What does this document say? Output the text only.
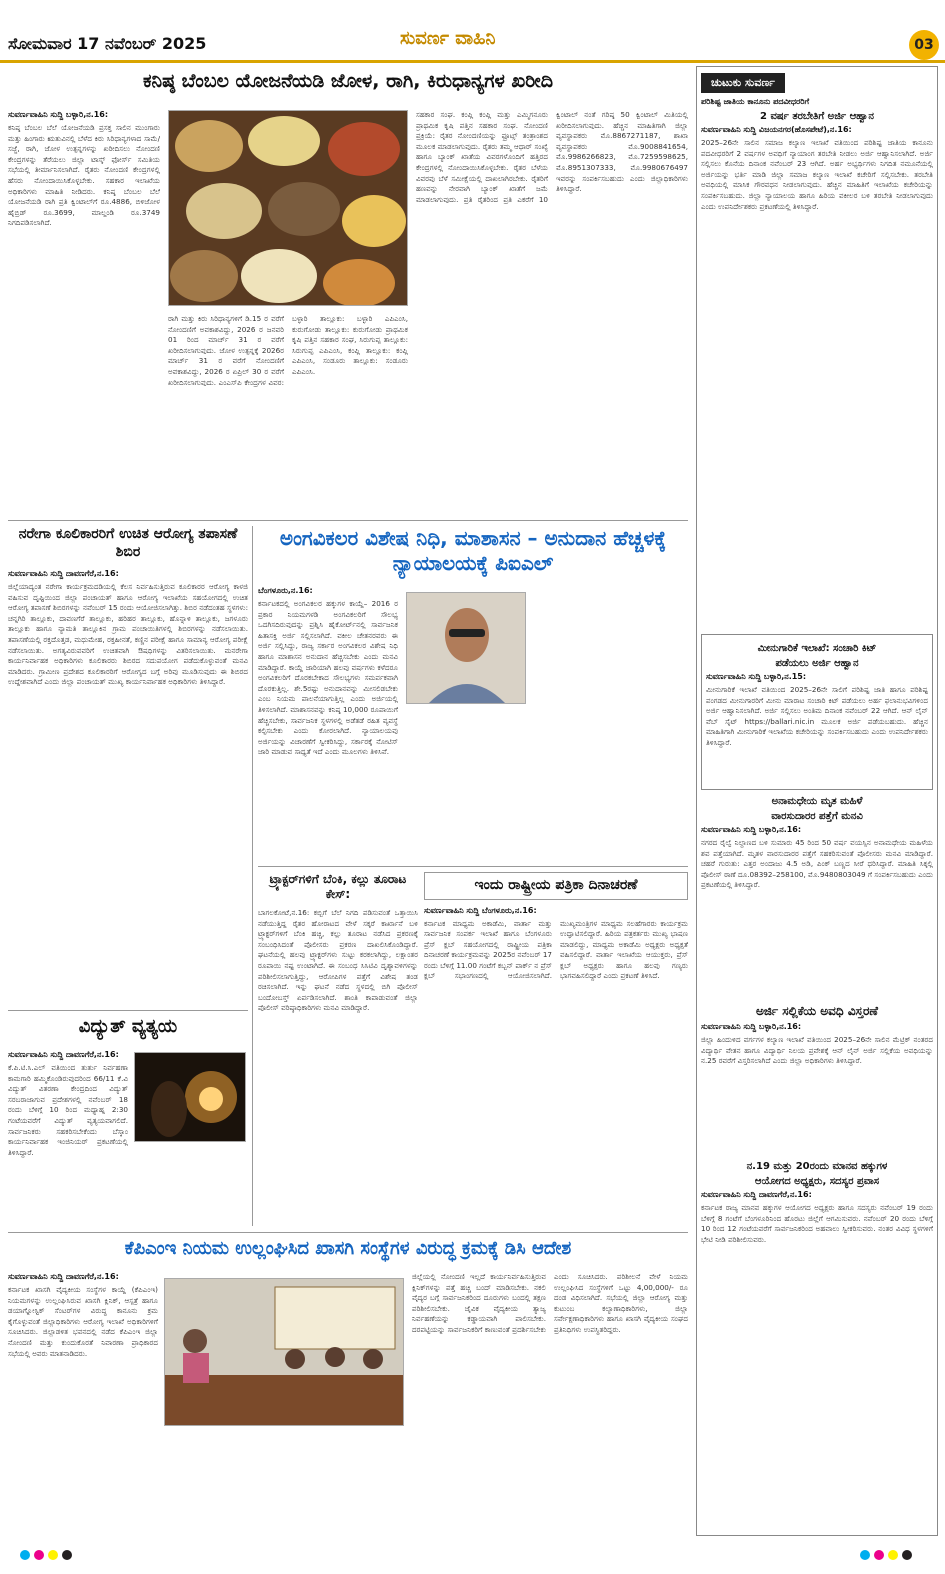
ಸೋಮವಾರ 17 ನವೆಂಬರ್ 2025	ಸುವರ್ಣ ವಾಹಿನಿ	03
ಕನಿಷ್ಠ ಬೆಂಬಲ ಯೋಜನೆಯಡಿ ಜೋಳ, ರಾಗಿ, ಕಿರುಧಾನ್ಯಗಳ ಖರೀದಿ
ಸುವರ್ಣವಾಹಿನಿ ಸುದ್ದಿ ಬಳ್ಳಾರಿ,ನ.16:
ಕನಿಷ್ಠ ಬೆಂಬಲ ಬೆಲೆ ಯೋಜನೆಯಡಿ ಪ್ರಸಕ್ತ ಸಾಲಿನ ಮುಂಗಾರು ಮತ್ತು ಹಿಂಗಾರು ಋತುವಿನಲ್ಲಿ ಬೆಳೆದ ಕಿರು ಸಿರಿಧಾನ್ಯಗಳಾದ ಸಾಮೆ/ಸಜ್ಜೆ, ರಾಗಿ, ಜೋಳ ಉತ್ಪನ್ನಗಳನ್ನು ಖರೀದಿಸಲು ನೋಂದಣಿ ಕೇಂದ್ರಗಳನ್ನು ತೆರೆಯಲು ಜಿಲ್ಲಾ ಟಾಸ್ಕ್ ಫೋರ್ಸ್ ಸಮಿತಿಯ ಸಭೆಯಲ್ಲಿ ತೀರ್ಮಾನಿಸಲಾಗಿದೆ. ರೈತರು ನೋಂದಣಿ ಕೇಂದ್ರಗಳಲ್ಲಿ ಹೆಸರು ನೋಂದಾಯಿಸಿಕೊಳ್ಳಬೇಕು. ಸಹಕಾರ ಇಲಾಖೆಯ ಅಧಿಕಾರಿಗಳು ಮಾಹಿತಿ ನೀಡಿದರು. ಕನಿಷ್ಠ ಬೆಂಬಲ ಬೆಲೆ ಯೋಜನೆಯಡಿ ರಾಗಿ ಪ್ರತಿ ಕ್ವಿಂಟಾಲ್‌ಗೆ ರೂ.4886, ಬಿಳಿಜೋಳ ಹೈಬ್ರಿಡ್ ರೂ.3699, ಮಾಲ್ದಂಡಿ ರೂ.3749 ನಿಗದಿಪಡಿಸಲಾಗಿದೆ.
ರಾಗಿ ಮತ್ತು ಕಿರು ಸಿರಿಧಾನ್ಯಗಳಿಗೆ ಡಿ.15 ರ ವರೆಗೆ ನೋಂದಣಿಗೆ ಅವಕಾಶವಿದ್ದು, 2026 ರ ಜನವರಿ 01 ರಿಂದ ಮಾರ್ಚ್ 31 ರ ವರೆಗೆ ಖರೀದಿಸಲಾಗುವುದು. ಜೋಳ ಉತ್ಪನ್ನಕ್ಕೆ 2026ರ ಮಾರ್ಚ್ 31 ರ ವರೆಗೆ ನೋಂದಣಿಗೆ ಅವಕಾಶವಿದ್ದು, 2026 ರ ಏಪ್ರಿಲ್ 30 ರ ವರೆಗೆ ಖರೀದಿಸಲಾಗುವುದು. ಎಂಎಸ್‌ಪಿ ಕೇಂದ್ರಗಳ ವಿವರ: ಬಳ್ಳಾರಿ ತಾಲ್ಲೂಕು: ಬಳ್ಳಾರಿ ಎಪಿಎಂಸಿ, ಕುರುಗೋಡು ತಾಲ್ಲೂಕು: ಕುರುಗೋಡು ಪ್ರಾಥಮಿಕ ಕೃಷಿ ಪತ್ತಿನ ಸಹಕಾರ ಸಂಘ, ಸಿರುಗುಪ್ಪ ತಾಲ್ಲೂಕು: ಸಿರುಗುಪ್ಪ ಎಪಿಎಂಸಿ, ಕಂಪ್ಲಿ ತಾಲ್ಲೂಕು: ಕಂಪ್ಲಿ ಎಪಿಎಂಸಿ, ಸಂಡೂರು ತಾಲ್ಲೂಕು: ಸಂಡೂರು ಎಪಿಎಂಸಿ.
ಸಹಕಾರ ಸಂಘ. ಕಂಪ್ಲಿ ಕಂಪ್ಲಿ ಮತ್ತು ಎಮ್ಮಿಗನೂರು ಪ್ರಾಥಮಿಕ ಕೃಷಿ ಪತ್ತಿನ ಸಹಕಾರ ಸಂಘ. ನೋಂದಣಿ ಪ್ರಕ್ರಿಯೆ: ರೈತರ ನೋಂದಣಿಯನ್ನು ಫ್ರೂಟ್ಸ್ ತಂತ್ರಾಂಶದ ಮೂಲಕ ಮಾಡಲಾಗುವುದು. ರೈತರು ತಮ್ಮ ಆಧಾರ್ ಸಂಖ್ಯೆ ಹಾಗೂ ಬ್ಯಾಂಕ್ ಖಾತೆಯ ವಿವರಗಳೊಂದಿಗೆ ಹತ್ತಿರದ ಕೇಂದ್ರಗಳಲ್ಲಿ ನೋಂದಾಯಿಸಿಕೊಳ್ಳಬೇಕು. ರೈತರ ಬೆಳೆಯ ವಿವರವು ಬೆಳೆ ಸಮೀಕ್ಷೆಯಲ್ಲಿ ದಾಖಲಾಗಿರಬೇಕು. ರೈತರಿಗೆ ಹಣವನ್ನು ನೇರವಾಗಿ ಬ್ಯಾಂಕ್ ಖಾತೆಗೆ ಜಮೆ ಮಾಡಲಾಗುವುದು. ಪ್ರತಿ ರೈತರಿಂದ ಪ್ರತಿ ಎಕರೆಗೆ 10 ಕ್ವಿಂಟಾಲ್ ನಂತೆ ಗರಿಷ್ಠ 50 ಕ್ವಿಂಟಾಲ್ ಮಿತಿಯಲ್ಲಿ ಖರೀದಿಸಲಾಗುವುದು. ಹೆಚ್ಚಿನ ಮಾಹಿತಿಗಾಗಿ ಜಿಲ್ಲಾ ವ್ಯವಸ್ಥಾಪಕರು ಮೊ.8867271187, ಶಾಖಾ ವ್ಯವಸ್ಥಾಪಕರು ಮೊ.9008841654, ಮೊ.9986266823, ಮೊ.7259598625, ಮೊ.8951307333, ಮೊ.9980676497 ಇವರನ್ನು ಸಂಪರ್ಕಿಸಬಹುದು ಎಂದು ಜಿಲ್ಲಾಧಿಕಾರಿಗಳು ತಿಳಿಸಿದ್ದಾರೆ.
ಚುಟುಕು ಸುವರ್ಣ
ಪರಿಶಿಷ್ಟ ಜಾತಿಯ ಕಾನೂನು ಪದವೀಧರರಿಗೆ
2 ವರ್ಷ ತರಬೇತಿಗೆ ಅರ್ಜಿ ಆಹ್ವಾನ
ಸುವರ್ಣವಾಹಿನಿ ಸುದ್ದಿ ವಿಜಯನಗರ(ಹೊಸಪೇಟೆ),ನ.16:
2025–26ನೇ ಸಾಲಿನ ಸಮಾಜ ಕಲ್ಯಾಣ ಇಲಾಖೆ ವತಿಯಿಂದ ಪರಿಶಿಷ್ಟ ಜಾತಿಯ ಕಾನೂನು ಪದವೀಧರರಿಗೆ 2 ವರ್ಷಗಳ ಅವಧಿಗೆ ನ್ಯಾಯಾಂಗ ತರಬೇತಿ ನೀಡಲು ಅರ್ಜಿ ಆಹ್ವಾನಿಸಲಾಗಿದೆ. ಅರ್ಜಿ ಸಲ್ಲಿಸಲು ಕೊನೆಯ ದಿನಾಂಕ ನವೆಂಬರ್ 23 ಆಗಿದೆ. ಅರ್ಹ ಅಭ್ಯರ್ಥಿಗಳು ನಿಗದಿತ ನಮೂನೆಯಲ್ಲಿ ಅರ್ಜಿಯನ್ನು ಭರ್ತಿ ಮಾಡಿ ಜಿಲ್ಲಾ ಸಮಾಜ ಕಲ್ಯಾಣ ಇಲಾಖೆ ಕಚೇರಿಗೆ ಸಲ್ಲಿಸಬೇಕು. ತರಬೇತಿ ಅವಧಿಯಲ್ಲಿ ಮಾಸಿಕ ಗೌರವಧನ ನೀಡಲಾಗುವುದು. ಹೆಚ್ಚಿನ ಮಾಹಿತಿಗೆ ಇಲಾಖೆಯ ಕಚೇರಿಯನ್ನು ಸಂಪರ್ಕಿಸಬಹುದು. ಜಿಲ್ಲಾ ನ್ಯಾಯಾಲಯ ಹಾಗೂ ಹಿರಿಯ ವಕೀಲರ ಬಳಿ ತರಬೇತಿ ನೀಡಲಾಗುವುದು ಎಂದು ಉಪನಿರ್ದೇಶಕರು ಪ್ರಕಟಣೆಯಲ್ಲಿ ತಿಳಿಸಿದ್ದಾರೆ.
ಮೀನುಗಾರಿಕೆ ಇಲಾಖೆ: ಸಂಚಾರಿ ಕಿಟ್
ಪಡೆಯಲು ಅರ್ಜಿ ಆಹ್ವಾನ
ಸುವರ್ಣವಾಹಿನಿ ಸುದ್ದಿ ಬಳ್ಳಾರಿ,ನ.15:
ಮೀನುಗಾರಿಕೆ ಇಲಾಖೆ ವತಿಯಿಂದ 2025–26ನೇ ಸಾಲಿಗೆ ಪರಿಶಿಷ್ಟ ಜಾತಿ ಹಾಗೂ ಪರಿಶಿಷ್ಟ ಪಂಗಡದ ಮೀನುಗಾರರಿಗೆ ಮೀನು ಮಾರಾಟ ಸಂಚಾರಿ ಕಿಟ್ ಪಡೆಯಲು ಅರ್ಹ ಫಲಾನುಭವಿಗಳಿಂದ ಅರ್ಜಿ ಆಹ್ವಾನಿಸಲಾಗಿದೆ. ಅರ್ಜಿ ಸಲ್ಲಿಸಲು ಅಂತಿಮ ದಿನಾಂಕ ನವೆಂಬರ್ 22 ಆಗಿದೆ. ಆನ್ ಲೈನ್ ವೆಬ್ ಸೈಟ್ https://ballari.nic.in ಮೂಲಕ ಅರ್ಜಿ ಪಡೆಯಬಹುದು. ಹೆಚ್ಚಿನ ಮಾಹಿತಿಗಾಗಿ ಮೀನುಗಾರಿಕೆ ಇಲಾಖೆಯ ಕಚೇರಿಯನ್ನು ಸಂಪರ್ಕಿಸಬಹುದು ಎಂದು ಉಪನಿರ್ದೇಶಕರು ತಿಳಿಸಿದ್ದಾರೆ.
ಅನಾಮಧೇಯ ಮೃತ ಮಹಿಳೆ
ವಾರಸುದಾರರ ಪತ್ತೆಗೆ ಮನವಿ
ಸುವರ್ಣವಾಹಿನಿ ಸುದ್ದಿ ಬಳ್ಳಾರಿ,ನ.16:
ನಗರದ ರೈಲ್ವೆ ನಿಲ್ದಾಣದ ಬಳಿ ಸುಮಾರು 45 ರಿಂದ 50 ವರ್ಷ ವಯಸ್ಸಿನ ಅನಾಮಧೇಯ ಮಹಿಳೆಯ ಶವ ಪತ್ತೆಯಾಗಿದೆ. ಮೃತಳ ವಾರಸುದಾರರ ಪತ್ತೆಗೆ ಸಹಕರಿಸುವಂತೆ ಪೊಲೀಸರು ಮನವಿ ಮಾಡಿದ್ದಾರೆ. ಚಹರೆ ಗುರುತು: ಎತ್ತರ ಅಂದಾಜು 4.5 ಅಡಿ, ಪಿಂಕ್ ಬಣ್ಣದ ಸೀರೆ ಧರಿಸಿದ್ದಾರೆ. ಮಾಹಿತಿ ಸಿಕ್ಕಲ್ಲಿ ಪೊಲೀಸ್ ಠಾಣೆ ದೂ.08392–258100, ಮೊ.9480803049 ಗೆ ಸಂಪರ್ಕಿಸಬಹುದು ಎಂದು ಪ್ರಕಟಣೆಯಲ್ಲಿ ತಿಳಿಸಿದ್ದಾರೆ.
ಅರ್ಜಿ ಸಲ್ಲಿಕೆಯ ಅವಧಿ ವಿಸ್ತರಣೆ
ಸುವರ್ಣವಾಹಿನಿ ಸುದ್ದಿ ಬಳ್ಳಾರಿ,ನ.16:
ಜಿಲ್ಲಾ ಹಿಂದುಳಿದ ವರ್ಗಗಳ ಕಲ್ಯಾಣ ಇಲಾಖೆ ವತಿಯಿಂದ 2025–26ನೇ ಸಾಲಿನ ಮೆಟ್ರಿಕ್ ನಂತರದ ವಿದ್ಯಾರ್ಥಿ ವೇತನ ಹಾಗೂ ವಿದ್ಯಾರ್ಥಿ ನಿಲಯ ಪ್ರವೇಶಕ್ಕೆ ಆನ್ ಲೈನ್ ಅರ್ಜಿ ಸಲ್ಲಿಕೆಯ ಅವಧಿಯನ್ನು ನ.25 ರವರೆಗೆ ವಿಸ್ತರಿಸಲಾಗಿದೆ ಎಂದು ಜಿಲ್ಲಾ ಅಧಿಕಾರಿಗಳು ತಿಳಿಸಿದ್ದಾರೆ.
ನ.19 ಮತ್ತು 20ರಂದು ಮಾನವ ಹಕ್ಕುಗಳ
ಆಯೋಗದ ಅಧ್ಯಕ್ಷರು, ಸದಸ್ಯರ ಪ್ರವಾಸ
ಸುವರ್ಣವಾಹಿನಿ ಸುದ್ದಿ ದಾವಣಗೆರೆ,ನ.16:
ಕರ್ನಾಟಕ ರಾಜ್ಯ ಮಾನವ ಹಕ್ಕುಗಳ ಆಯೋಗದ ಅಧ್ಯಕ್ಷರು ಹಾಗೂ ಸದಸ್ಯರು ನವೆಂಬರ್ 19 ರಂದು ಬೆಳಿಗ್ಗೆ 8 ಗಂಟೆಗೆ ಬೆಂಗಳೂರಿನಿಂದ ಹೊರಟು ಜಿಲ್ಲೆಗೆ ಆಗಮಿಸುವರು. ನವೆಂಬರ್ 20 ರಂದು ಬೆಳಿಗ್ಗೆ 10 ರಿಂದ 12 ಗಂಟೆಯವರೆಗೆ ಸಾರ್ವಜನಿಕರಿಂದ ಅಹವಾಲು ಸ್ವೀಕರಿಸುವರು. ನಂತರ ವಿವಿಧ ಸ್ಥಳಗಳಿಗೆ ಭೇಟಿ ನೀಡಿ ಪರಿಶೀಲಿಸುವರು.
ನರೇಗಾ ಕೂಲಿಕಾರರಿಗೆ ಉಚಿತ ಆರೋಗ್ಯ ತಪಾಸಣೆ ಶಿಬಿರ
ಸುವರ್ಣವಾಹಿನಿ ಸುದ್ದಿ ದಾವಣಗೆರೆ,ನ.16:
ಜಿಲ್ಲೆಯಾದ್ಯಂತ ನರೇಗಾ ಕಾರ್ಯಕ್ರಮದಡಿಯಲ್ಲಿ ಕೆಲಸ ನಿರ್ವಹಿಸುತ್ತಿರುವ ಕೂಲಿಕಾರರ ಆರೋಗ್ಯ ಕಾಳಜಿ ವಹಿಸುವ ದೃಷ್ಟಿಯಿಂದ ಜಿಲ್ಲಾ ಪಂಚಾಯತ್ ಹಾಗೂ ಆರೋಗ್ಯ ಇಲಾಖೆಯ ಸಹಯೋಗದಲ್ಲಿ ಉಚಿತ ಆರೋಗ್ಯ ತಪಾಸಣೆ ಶಿಬಿರಗಳನ್ನು ನವೆಂಬರ್ 15 ರಂದು ಆಯೋಜಿಸಲಾಗಿತ್ತು. ಶಿಬಿರ ನಡೆದಂತಹ ಸ್ಥಳಗಳು: ಚನ್ನಗಿರಿ ತಾಲ್ಲೂಕು, ದಾವಣಗೆರೆ ತಾಲ್ಲೂಕು, ಹರಿಹರ ತಾಲ್ಲೂಕು, ಹೊನ್ನಾಳಿ ತಾಲ್ಲೂಕು, ಜಗಳೂರು ತಾಲ್ಲೂಕು ಹಾಗೂ ನ್ಯಾಮತಿ ತಾಲ್ಲೂಕಿನ ಗ್ರಾಮ ಪಂಚಾಯಿತಿಗಳಲ್ಲಿ ಶಿಬಿರಗಳನ್ನು ನಡೆಸಲಾಯಿತು. ತಪಾಸಣೆಯಲ್ಲಿ ರಕ್ತದೊತ್ತಡ, ಮಧುಮೇಹ, ರಕ್ತಹೀನತೆ, ಕಣ್ಣಿನ ಪರೀಕ್ಷೆ ಹಾಗೂ ಸಾಮಾನ್ಯ ಆರೋಗ್ಯ ಪರೀಕ್ಷೆ ನಡೆಸಲಾಯಿತು. ಅಗತ್ಯವಿರುವವರಿಗೆ ಉಚಿತವಾಗಿ ಔಷಧಿಗಳನ್ನು ವಿತರಿಸಲಾಯಿತು. ಮನರೇಗಾ ಕಾರ್ಯನಿರ್ವಾಹಕ ಅಧಿಕಾರಿಗಳು ಕೂಲಿಕಾರರು ಶಿಬಿರದ ಸದುಪಯೋಗ ಪಡೆದುಕೊಳ್ಳುವಂತೆ ಮನವಿ ಮಾಡಿದರು. ಗ್ರಾಮೀಣ ಪ್ರದೇಶದ ಕೂಲಿಕಾರರಿಗೆ ಆರೋಗ್ಯದ ಬಗ್ಗೆ ಅರಿವು ಮೂಡಿಸುವುದು ಈ ಶಿಬಿರದ ಉದ್ದೇಶವಾಗಿದೆ ಎಂದು ಜಿಲ್ಲಾ ಪಂಚಾಯತ್ ಮುಖ್ಯ ಕಾರ್ಯನಿರ್ವಾಹಕ ಅಧಿಕಾರಿಗಳು ತಿಳಿಸಿದ್ದಾರೆ.
ಅಂಗವಿಕಲರ ವಿಶೇಷ ನಿಧಿ, ಮಾಶಾಸನ – ಅನುದಾನ ಹೆಚ್ಚಳಕ್ಕೆ ನ್ಯಾಯಾಲಯಕ್ಕೆ ಪಿಐಎಲ್
ಬೆಂಗಳೂರು,ನ.16:
ಕರ್ನಾಟಕದಲ್ಲಿ ಅಂಗವಿಕಲರ ಹಕ್ಕುಗಳ ಕಾಯ್ದೆ– 2016 ರ ಪ್ರಕಾರ ನಿಯಮಗಳಡಿ ಅಂಗವಿಕಲರಿಗೆ ಸೌಲಭ್ಯ ಒದಗಿಸದಿರುವುದನ್ನು ಪ್ರಶ್ನಿಸಿ ಹೈಕೋರ್ಟ್‌ನಲ್ಲಿ ಸಾರ್ವಜನಿಕ ಹಿತಾಸಕ್ತಿ ಅರ್ಜಿ ಸಲ್ಲಿಸಲಾಗಿದೆ. ವಕೀಲ ಚೇತನರವರು ಈ ಅರ್ಜಿ ಸಲ್ಲಿಸಿದ್ದು, ರಾಜ್ಯ ಸರ್ಕಾರ ಅಂಗವಿಕಲರ ವಿಶೇಷ ನಿಧಿ ಹಾಗೂ ಮಾಶಾಸನ ಅನುದಾನ ಹೆಚ್ಚಿಸಬೇಕು ಎಂದು ಮನವಿ ಮಾಡಿದ್ದಾರೆ. ಕಾಯ್ದೆ ಜಾರಿಯಾಗಿ ಹಲವು ವರ್ಷಗಳು ಕಳೆದರೂ ಅಂಗವಿಕಲರಿಗೆ ದೊರಕಬೇಕಾದ ಸೌಲಭ್ಯಗಳು ಸಮರ್ಪಕವಾಗಿ ದೊರಕುತ್ತಿಲ್ಲ. ಶೇ.5ರಷ್ಟು ಅನುದಾನವನ್ನು ಮೀಸಲಿಡಬೇಕು ಎಂಬ ನಿಯಮ ಪಾಲನೆಯಾಗುತ್ತಿಲ್ಲ ಎಂದು ಅರ್ಜಿಯಲ್ಲಿ ತಿಳಿಸಲಾಗಿದೆ. ಮಾಶಾಸನವನ್ನು ಕನಿಷ್ಠ 10,000 ರೂಪಾಯಿಗೆ ಹೆಚ್ಚಿಸಬೇಕು, ಸಾರ್ವಜನಿಕ ಸ್ಥಳಗಳಲ್ಲಿ ಅಡೆತಡೆ ರಹಿತ ವ್ಯವಸ್ಥೆ ಕಲ್ಪಿಸಬೇಕು ಎಂದು ಕೋರಲಾಗಿದೆ. ನ್ಯಾಯಾಲಯವು ಅರ್ಜಿಯನ್ನು ವಿಚಾರಣೆಗೆ ಸ್ವೀಕರಿಸಿದ್ದು, ಸರ್ಕಾರಕ್ಕೆ ನೋಟಿಸ್ ಜಾರಿ ಮಾಡುವ ಸಾಧ್ಯತೆ ಇದೆ ಎಂದು ಮೂಲಗಳು ತಿಳಿಸಿವೆ.
ಟ್ರ್ಯಾಕ್ಟರ್‌ಗಳಿಗೆ ಬೆಂಕಿ, ಕಲ್ಲು ತೂರಾಟ ಕೇಸ್:
ಬಾಗಲಕೋಟೆ,ನ.16: ಕಬ್ಬಿಗೆ ಬೆಲೆ ನಿಗದಿ ಪಡಿಸುವಂತೆ ಒತ್ತಾಯಿಸಿ ನಡೆಯುತ್ತಿದ್ದ ರೈತರ ಹೋರಾಟದ ವೇಳೆ ಸಕ್ಕರೆ ಕಾರ್ಖಾನೆ ಬಳಿ ಟ್ರ್ಯಾಕ್ಟರ್‌ಗಳಿಗೆ ಬೆಂಕಿ ಹಚ್ಚಿ, ಕಲ್ಲು ತೂರಾಟ ನಡೆಸಿದ ಪ್ರಕರಣಕ್ಕೆ ಸಂಬಂಧಿಸಿದಂತೆ ಪೊಲೀಸರು ಪ್ರಕರಣ ದಾಖಲಿಸಿಕೊಂಡಿದ್ದಾರೆ. ಘಟನೆಯಲ್ಲಿ ಹಲವು ಟ್ರ್ಯಾಕ್ಟರ್‌ಗಳು ಸುಟ್ಟು ಕರಕಲಾಗಿದ್ದು, ಲಕ್ಷಾಂತರ ರೂಪಾಯಿ ನಷ್ಟ ಉಂಟಾಗಿದೆ. ಈ ಸಂಬಂಧ ಸಿಸಿಟಿವಿ ದೃಶ್ಯಾವಳಿಗಳನ್ನು ಪರಿಶೀಲಿಸಲಾಗುತ್ತಿದ್ದು, ಆರೋಪಿಗಳ ಪತ್ತೆಗೆ ವಿಶೇಷ ತಂಡ ರಚಿಸಲಾಗಿದೆ. ಇನ್ನು ಘಟನೆ ನಡೆದ ಸ್ಥಳದಲ್ಲಿ ಬಿಗಿ ಪೊಲೀಸ್ ಬಂದೋಬಸ್ತ್ ಏರ್ಪಡಿಸಲಾಗಿದೆ. ಶಾಂತಿ ಕಾಪಾಡುವಂತೆ ಜಿಲ್ಲಾ ಪೊಲೀಸ್ ವರಿಷ್ಠಾಧಿಕಾರಿಗಳು ಮನವಿ ಮಾಡಿದ್ದಾರೆ.
ಇಂದು ರಾಷ್ಟ್ರೀಯ ಪತ್ರಿಕಾ ದಿನಾಚರಣೆ
ಸುವರ್ಣವಾಹಿನಿ ಸುದ್ದಿ ಬೆಂಗಳೂರು,ನ.16:
ಕರ್ನಾಟಕ ಮಾಧ್ಯಮ ಅಕಾಡೆಮಿ, ವಾರ್ತಾ ಮತ್ತು ಸಾರ್ವಜನಿಕ ಸಂಪರ್ಕ ಇಲಾಖೆ ಹಾಗೂ ಬೆಂಗಳೂರು ಪ್ರೆಸ್ ಕ್ಲಬ್ ಸಹಯೋಗದಲ್ಲಿ ರಾಷ್ಟ್ರೀಯ ಪತ್ರಿಕಾ ದಿನಾಚರಣೆ ಕಾರ್ಯಕ್ರಮವನ್ನು 2025ರ ನವೆಂಬರ್ 17 ರಂದು ಬೆಳಿಗ್ಗೆ 11.00 ಗಂಟೆಗೆ ಕಬ್ಬನ್ ಪಾರ್ಕ್ ನ ಪ್ರೆಸ್ ಕ್ಲಬ್ ಸಭಾಂಗಣದಲ್ಲಿ ಆಯೋಜಿಸಲಾಗಿದೆ. ಮುಖ್ಯಮಂತ್ರಿಗಳ ಮಾಧ್ಯಮ ಸಲಹೆಗಾರರು ಕಾರ್ಯಕ್ರಮ ಉದ್ಘಾಟಿಸಲಿದ್ದಾರೆ. ಹಿರಿಯ ಪತ್ರಕರ್ತರು ಮುಖ್ಯ ಭಾಷಣ ಮಾಡಲಿದ್ದು, ಮಾಧ್ಯಮ ಅಕಾಡೆಮಿ ಅಧ್ಯಕ್ಷರು ಅಧ್ಯಕ್ಷತೆ ವಹಿಸಲಿದ್ದಾರೆ. ವಾರ್ತಾ ಇಲಾಖೆಯ ಆಯುಕ್ತರು, ಪ್ರೆಸ್ ಕ್ಲಬ್ ಅಧ್ಯಕ್ಷರು ಹಾಗೂ ಹಲವು ಗಣ್ಯರು ಭಾಗವಹಿಸಲಿದ್ದಾರೆ ಎಂದು ಪ್ರಕಟಣೆ ತಿಳಿಸಿದೆ.
ವಿದ್ಯುತ್ ವ್ಯತ್ಯಯ
ಸುವರ್ಣವಾಹಿನಿ ಸುದ್ದಿ ದಾವಣಗೆರೆ,ನ.16:
ಕೆ.ಪಿ.ಟಿ.ಸಿ.ಎಲ್ ವತಿಯಿಂದ ತುರ್ತು ನಿರ್ವಹಣಾ ಕಾಮಗಾರಿ ಹಮ್ಮಿಕೊಂಡಿರುವುದರಿಂದ 66/11 ಕೆ.ವಿ ವಿದ್ಯುತ್ ವಿತರಣಾ ಕೇಂದ್ರದಿಂದ ವಿದ್ಯುತ್ ಸರಬರಾಜಾಗುವ ಪ್ರದೇಶಗಳಲ್ಲಿ ನವೆಂಬರ್ 18 ರಂದು ಬೆಳಿಗ್ಗೆ 10 ರಿಂದ ಮಧ್ಯಾಹ್ನ 2:30 ಗಂಟೆಯವರೆಗೆ ವಿದ್ಯುತ್ ವ್ಯತ್ಯಯವಾಗಲಿದೆ. ಸಾರ್ವಜನಿಕರು ಸಹಕರಿಸಬೇಕೆಂದು ಬೆಸ್ಕಾಂ ಕಾರ್ಯನಿರ್ವಾಹಕ ಇಂಜಿನಿಯರ್ ಪ್ರಕಟಣೆಯಲ್ಲಿ ತಿಳಿಸಿದ್ದಾರೆ.
ಕೆಪಿಎಂಇ ನಿಯಮ ಉಲ್ಲಂಘಿಸಿದ ಖಾಸಗಿ ಸಂಸ್ಥೆಗಳ ವಿರುದ್ಧ ಕ್ರಮಕ್ಕೆ ಡಿಸಿ ಆದೇಶ
ಸುವರ್ಣವಾಹಿನಿ ಸುದ್ದಿ ದಾವಣಗೆರೆ,ನ.16:
ಕರ್ನಾಟಕ ಖಾಸಗಿ ವೈದ್ಯಕೀಯ ಸಂಸ್ಥೆಗಳ ಕಾಯ್ದೆ (ಕೆಪಿಎಂಇ) ನಿಯಮಗಳನ್ನು ಉಲ್ಲಂಘಿಸಿರುವ ಖಾಸಗಿ ಕ್ಲಿನಿಕ್, ಆಸ್ಪತ್ರೆ ಹಾಗೂ ಡಯಾಗ್ನೋಸ್ಟಿಕ್ ಸೆಂಟರ್‌ಗಳ ವಿರುದ್ಧ ಕಾನೂನು ಕ್ರಮ ಕೈಗೊಳ್ಳುವಂತೆ ಜಿಲ್ಲಾಧಿಕಾರಿಗಳು ಆರೋಗ್ಯ ಇಲಾಖೆ ಅಧಿಕಾರಿಗಳಿಗೆ ಸೂಚಿಸಿದರು. ಜಿಲ್ಲಾಡಳಿತ ಭವನದಲ್ಲಿ ನಡೆದ ಕೆಪಿಎಂಇ ಜಿಲ್ಲಾ ನೋಂದಣಿ ಮತ್ತು ಕುಂದುಕೊರತೆ ನಿವಾರಣಾ ಪ್ರಾಧಿಕಾರದ ಸಭೆಯಲ್ಲಿ ಅವರು ಮಾತನಾಡಿದರು.
ಜಿಲ್ಲೆಯಲ್ಲಿ ನೋಂದಣಿ ಇಲ್ಲದೆ ಕಾರ್ಯನಿರ್ವಹಿಸುತ್ತಿರುವ ಕ್ಲಿನಿಕ್‌ಗಳನ್ನು ಪತ್ತೆ ಹಚ್ಚಿ ಬಂದ್ ಮಾಡಿಸಬೇಕು. ನಕಲಿ ವೈದ್ಯರ ಬಗ್ಗೆ ಸಾರ್ವಜನಿಕರಿಂದ ದೂರುಗಳು ಬಂದಲ್ಲಿ ತಕ್ಷಣ ಪರಿಶೀಲಿಸಬೇಕು. ಜೈವಿಕ ವೈದ್ಯಕೀಯ ತ್ಯಾಜ್ಯ ನಿರ್ವಹಣೆಯನ್ನು ಕಡ್ಡಾಯವಾಗಿ ಪಾಲಿಸಬೇಕು. ದರಪಟ್ಟಿಯನ್ನು ಸಾರ್ವಜನಿಕರಿಗೆ ಕಾಣುವಂತೆ ಪ್ರದರ್ಶಿಸಬೇಕು ಎಂದು ಸೂಚಿಸಿದರು. ಪರಿಶೀಲನೆ ವೇಳೆ ನಿಯಮ ಉಲ್ಲಂಘಿಸಿದ ಸಂಸ್ಥೆಗಳಿಗೆ ಒಟ್ಟು 4,00,000/- ರೂ ದಂಡ ವಿಧಿಸಲಾಗಿದೆ. ಸಭೆಯಲ್ಲಿ ಜಿಲ್ಲಾ ಆರೋಗ್ಯ ಮತ್ತು ಕುಟುಂಬ ಕಲ್ಯಾಣಾಧಿಕಾರಿಗಳು, ಜಿಲ್ಲಾ ಸರ್ವೇಕ್ಷಣಾಧಿಕಾರಿಗಳು ಹಾಗೂ ಖಾಸಗಿ ವೈದ್ಯಕೀಯ ಸಂಘದ ಪ್ರತಿನಿಧಿಗಳು ಉಪಸ್ಥಿತರಿದ್ದರು.
